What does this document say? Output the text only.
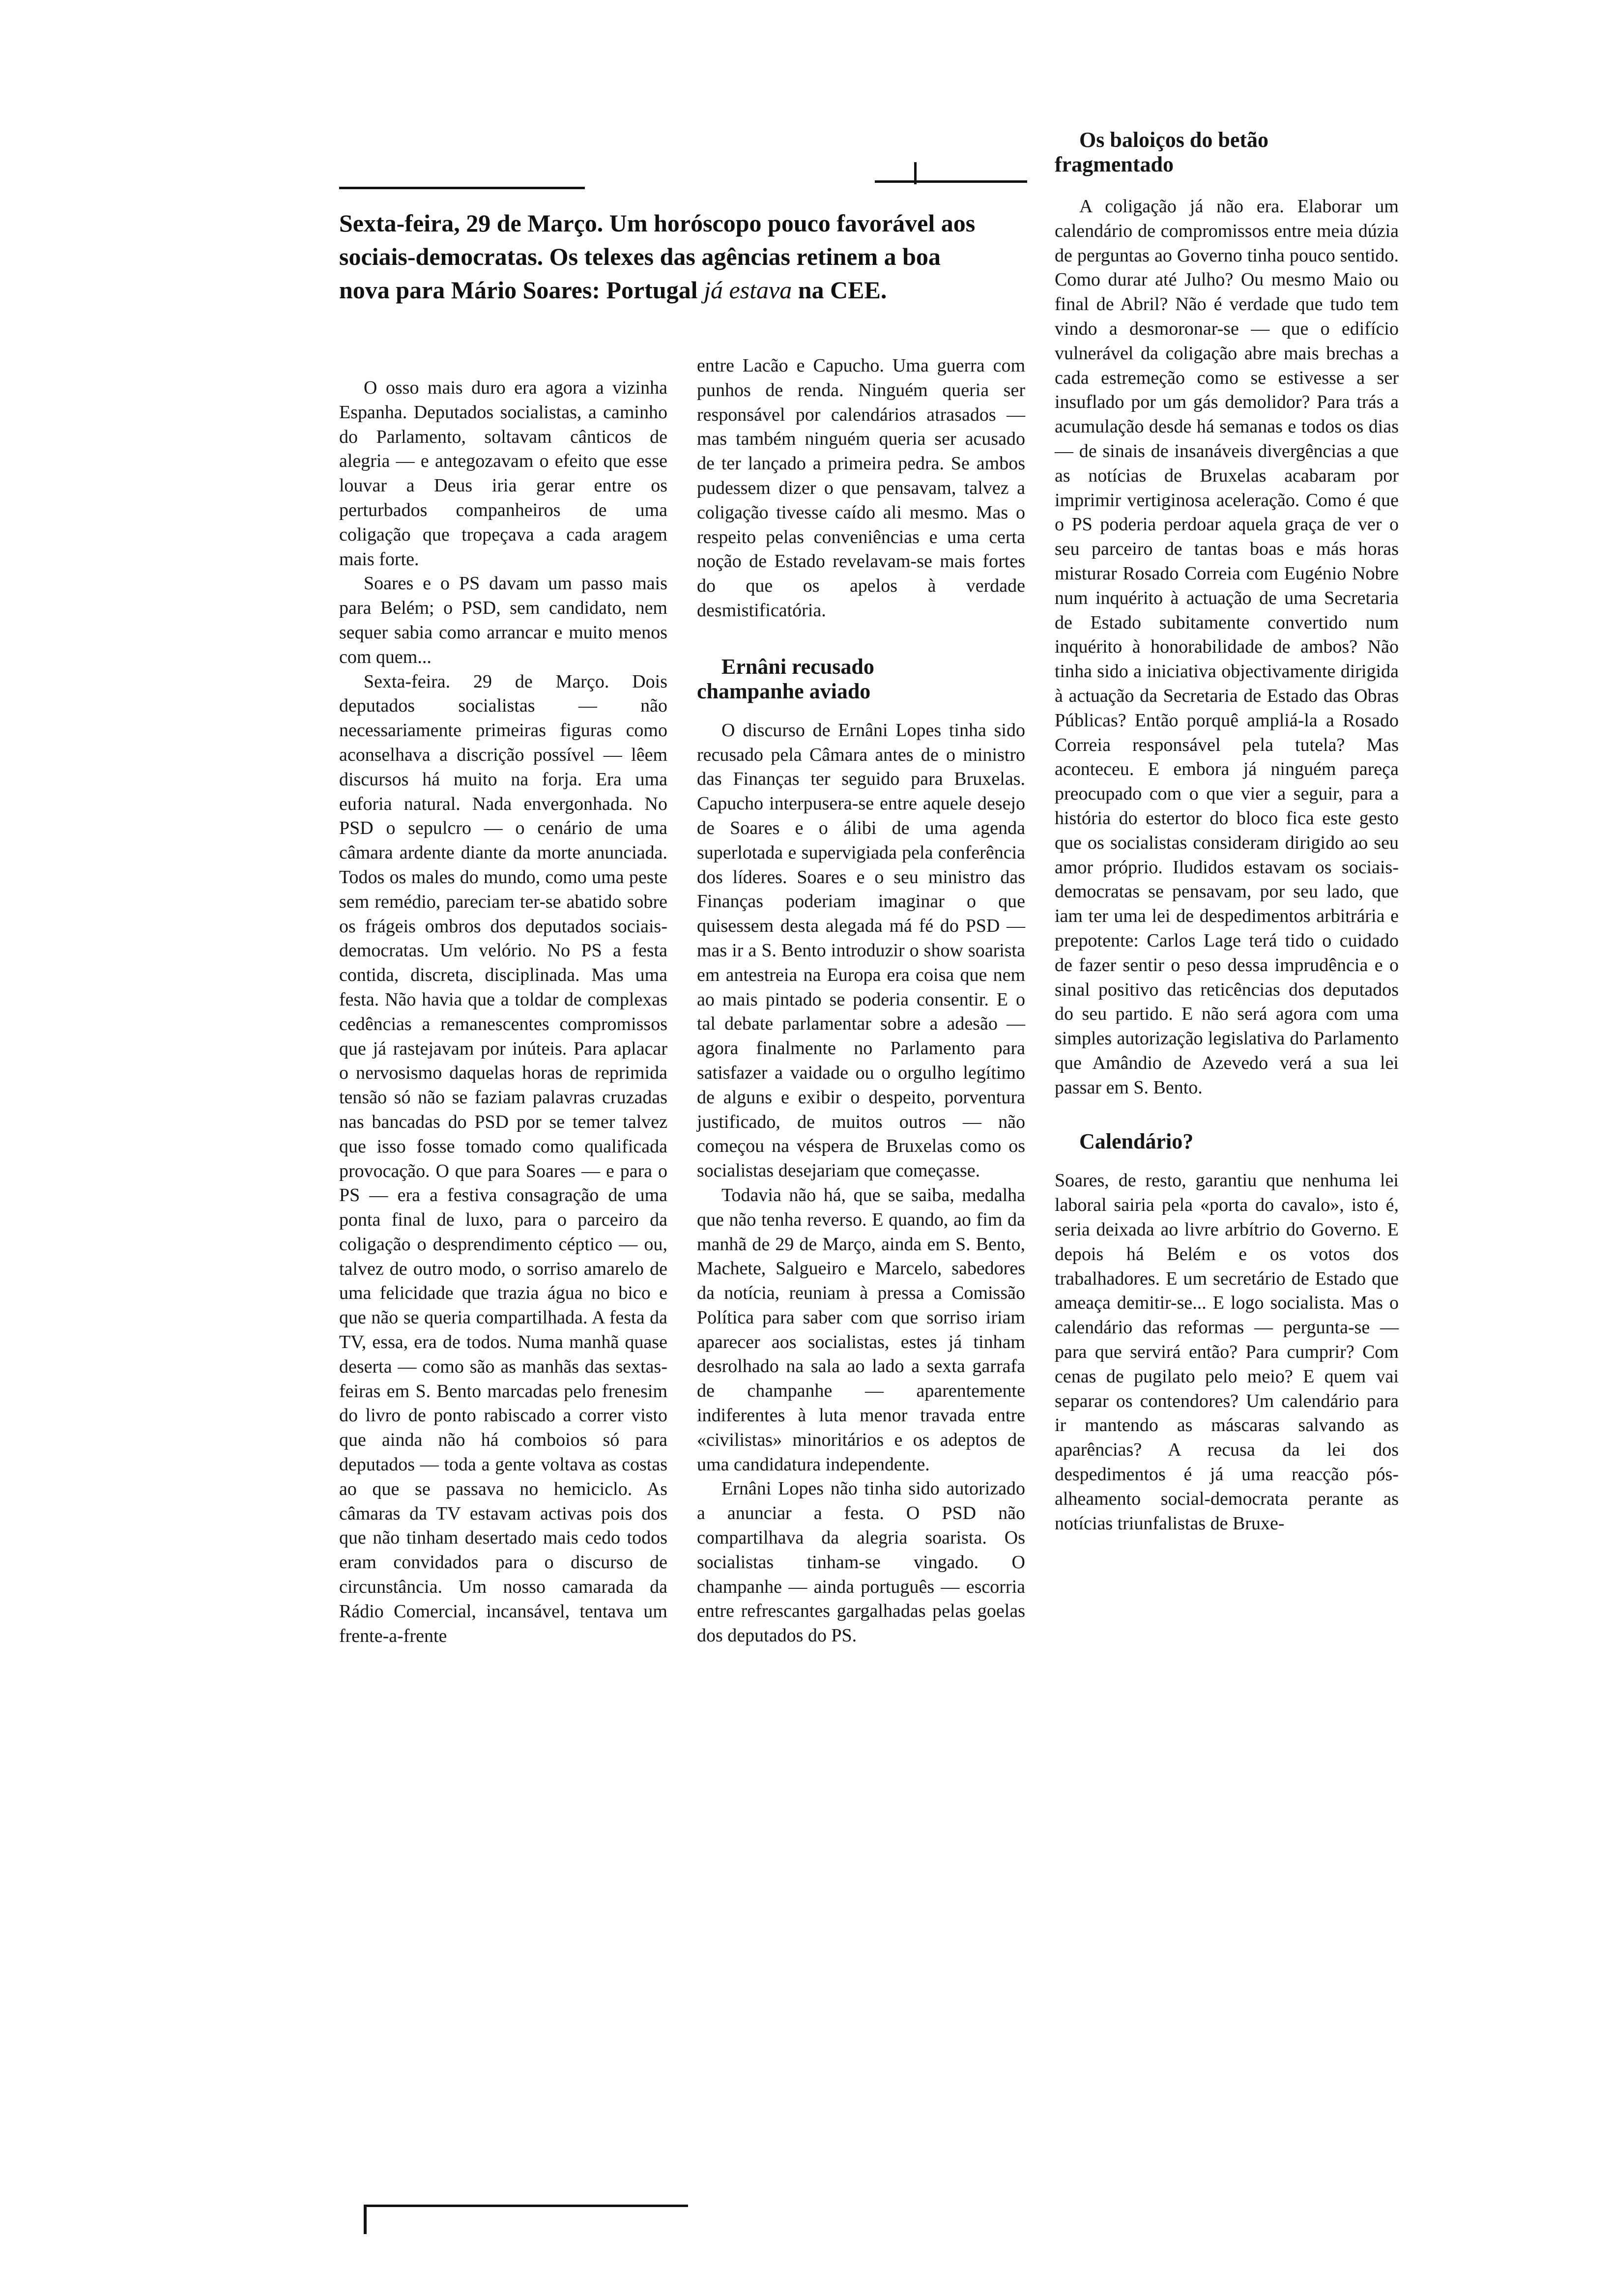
Sexta-feira, 29 de Março. Um horóscopo pouco favorável aos sociais-democratas. Os telexes das agências retinem a boa nova para Mário Soares: Portugal já estava na CEE.

O osso mais duro era agora a vizinha Espanha. Deputados socialistas, a caminho do Parlamento, soltavam cânticos de alegria — e antegozavam o efeito que esse louvar a Deus iria gerar entre os perturbados companheiros de uma coligação que tropeçava a cada aragem mais forte.

Soares e o PS davam um passo mais para Belém; o PSD, sem candidato, nem sequer sabia como arrancar e muito menos com quem...

Sexta-feira. 29 de Março. Dois deputados socialistas — não necessariamente primeiras figuras como aconselhava a discrição possível — lêem discursos há muito na forja. Era uma euforia natural. Nada envergonhada. No PSD o sepulcro — o cenário de uma câmara ardente diante da morte anunciada. Todos os males do mundo, como uma peste sem remédio, pareciam ter-se abatido sobre os frágeis ombros dos deputados sociais-democratas. Um velório. No PS a festa contida, discreta, disciplinada. Mas uma festa. Não havia que a toldar de complexas cedências a remanescentes compromissos que já rastejavam por inúteis. Para aplacar o nervosismo daquelas horas de reprimida tensão só não se faziam palavras cruzadas nas bancadas do PSD por se temer talvez que isso fosse tomado como qualificada provocação. O que para Soares — e para o PS — era a festiva consagração de uma ponta final de luxo, para o parceiro da coligação o desprendimento céptico — ou, talvez de outro modo, o sorriso amarelo de uma felicidade que trazia água no bico e que não se queria compartilhada. A festa da TV, essa, era de todos. Numa manhã quase deserta — como são as manhãs das sextas-feiras em S. Bento marcadas pelo frenesim do livro de ponto rabiscado a correr visto que ainda não há comboios só para deputados — toda a gente voltava as costas ao que se passava no hemiciclo. As câmaras da TV estavam activas pois dos que não tinham desertado mais cedo todos eram convidados para o discurso de circunstância. Um nosso camarada da Rádio Comercial, incansável, tentava um frente-a-frente

entre Lacão e Capucho. Uma guerra com punhos de renda. Ninguém queria ser responsável por calendários atrasados — mas também ninguém queria ser acusado de ter lançado a primeira pedra. Se ambos pudessem dizer o que pensavam, talvez a coligação tivesse caído ali mesmo. Mas o respeito pelas conveniências e uma certa noção de Estado revelavam-se mais fortes do que os apelos à verdade desmistificatória.

Ernâni recusado champanhe aviado

O discurso de Ernâni Lopes tinha sido recusado pela Câmara antes de o ministro das Finanças ter seguido para Bruxelas. Capucho interpusera-se entre aquele desejo de Soares e o álibi de uma agenda superlotada e supervigiada pela conferência dos líderes. Soares e o seu ministro das Finanças poderiam imaginar o que quisessem desta alegada má fé do PSD — mas ir a S. Bento introduzir o show soarista em antestreia na Europa era coisa que nem ao mais pintado se poderia consentir. E o tal debate parlamentar sobre a adesão — agora finalmente no Parlamento para satisfazer a vaidade ou o orgulho legítimo de alguns e exibir o despeito, porventura justificado, de muitos outros — não começou na véspera de Bruxelas como os socialistas desejariam que começasse.

Todavia não há, que se saiba, medalha que não tenha reverso. E quando, ao fim da manhã de 29 de Março, ainda em S. Bento, Machete, Salgueiro e Marcelo, sabedores da notícia, reuniam à pressa a Comissão Política para saber com que sorriso iriam aparecer aos socialistas, estes já tinham desrolhado na sala ao lado a sexta garrafa de champanhe — aparentemente indiferentes à luta menor travada entre «civilistas» minoritários e os adeptos de uma candidatura independente.

Ernâni Lopes não tinha sido autorizado a anunciar a festa. O PSD não compartilhava da alegria soarista. Os socialistas tinham-se vingado. O champanhe — ainda português — escorria entre refrescantes gargalhadas pelas goelas dos deputados do PS.

Os baloiços do betão fragmentado

A coligação já não era. Elaborar um calendário de compromissos entre meia dúzia de perguntas ao Governo tinha pouco sentido. Como durar até Julho? Ou mesmo Maio ou final de Abril? Não é verdade que tudo tem vindo a desmoronar-se — que o edifício vulnerável da coligação abre mais brechas a cada estremeção como se estivesse a ser insuflado por um gás demolidor? Para trás a acumulação desde há semanas e todos os dias — de sinais de insanáveis divergências a que as notícias de Bruxelas acabaram por imprimir vertiginosa aceleração. Como é que o PS poderia perdoar aquela graça de ver o seu parceiro de tantas boas e más horas misturar Rosado Correia com Eugénio Nobre num inquérito à actuação de uma Secretaria de Estado subitamente convertido num inquérito à honorabilidade de ambos? Não tinha sido a iniciativa objectivamente dirigida à actuação da Secretaria de Estado das Obras Públicas? Então porquê ampliá-la a Rosado Correia responsável pela tutela? Mas aconteceu. E embora já ninguém pareça preocupado com o que vier a seguir, para a história do estertor do bloco fica este gesto que os socialistas consideram dirigido ao seu amor próprio. Iludidos estavam os sociais-democratas se pensavam, por seu lado, que iam ter uma lei de despedimentos arbitrária e prepotente: Carlos Lage terá tido o cuidado de fazer sentir o peso dessa imprudência e o sinal positivo das reticências dos deputados do seu partido. E não será agora com uma simples autorização legislativa do Parlamento que Amândio de Azevedo verá a sua lei passar em S. Bento.

Calendário?

Soares, de resto, garantiu que nenhuma lei laboral sairia pela «porta do cavalo», isto é, seria deixada ao livre arbítrio do Governo. E depois há Belém e os votos dos trabalhadores. E um secretário de Estado que ameaça demitir-se... E logo socialista. Mas o calendário das reformas — pergunta-se — para que servirá então? Para cumprir? Com cenas de pugilato pelo meio? E quem vai separar os contendores? Um calendário para ir mantendo as máscaras salvando as aparências? A recusa da lei dos despedimentos é já uma reacção pós-alheamento social-democrata perante as notícias triunfalistas de Bruxe-
